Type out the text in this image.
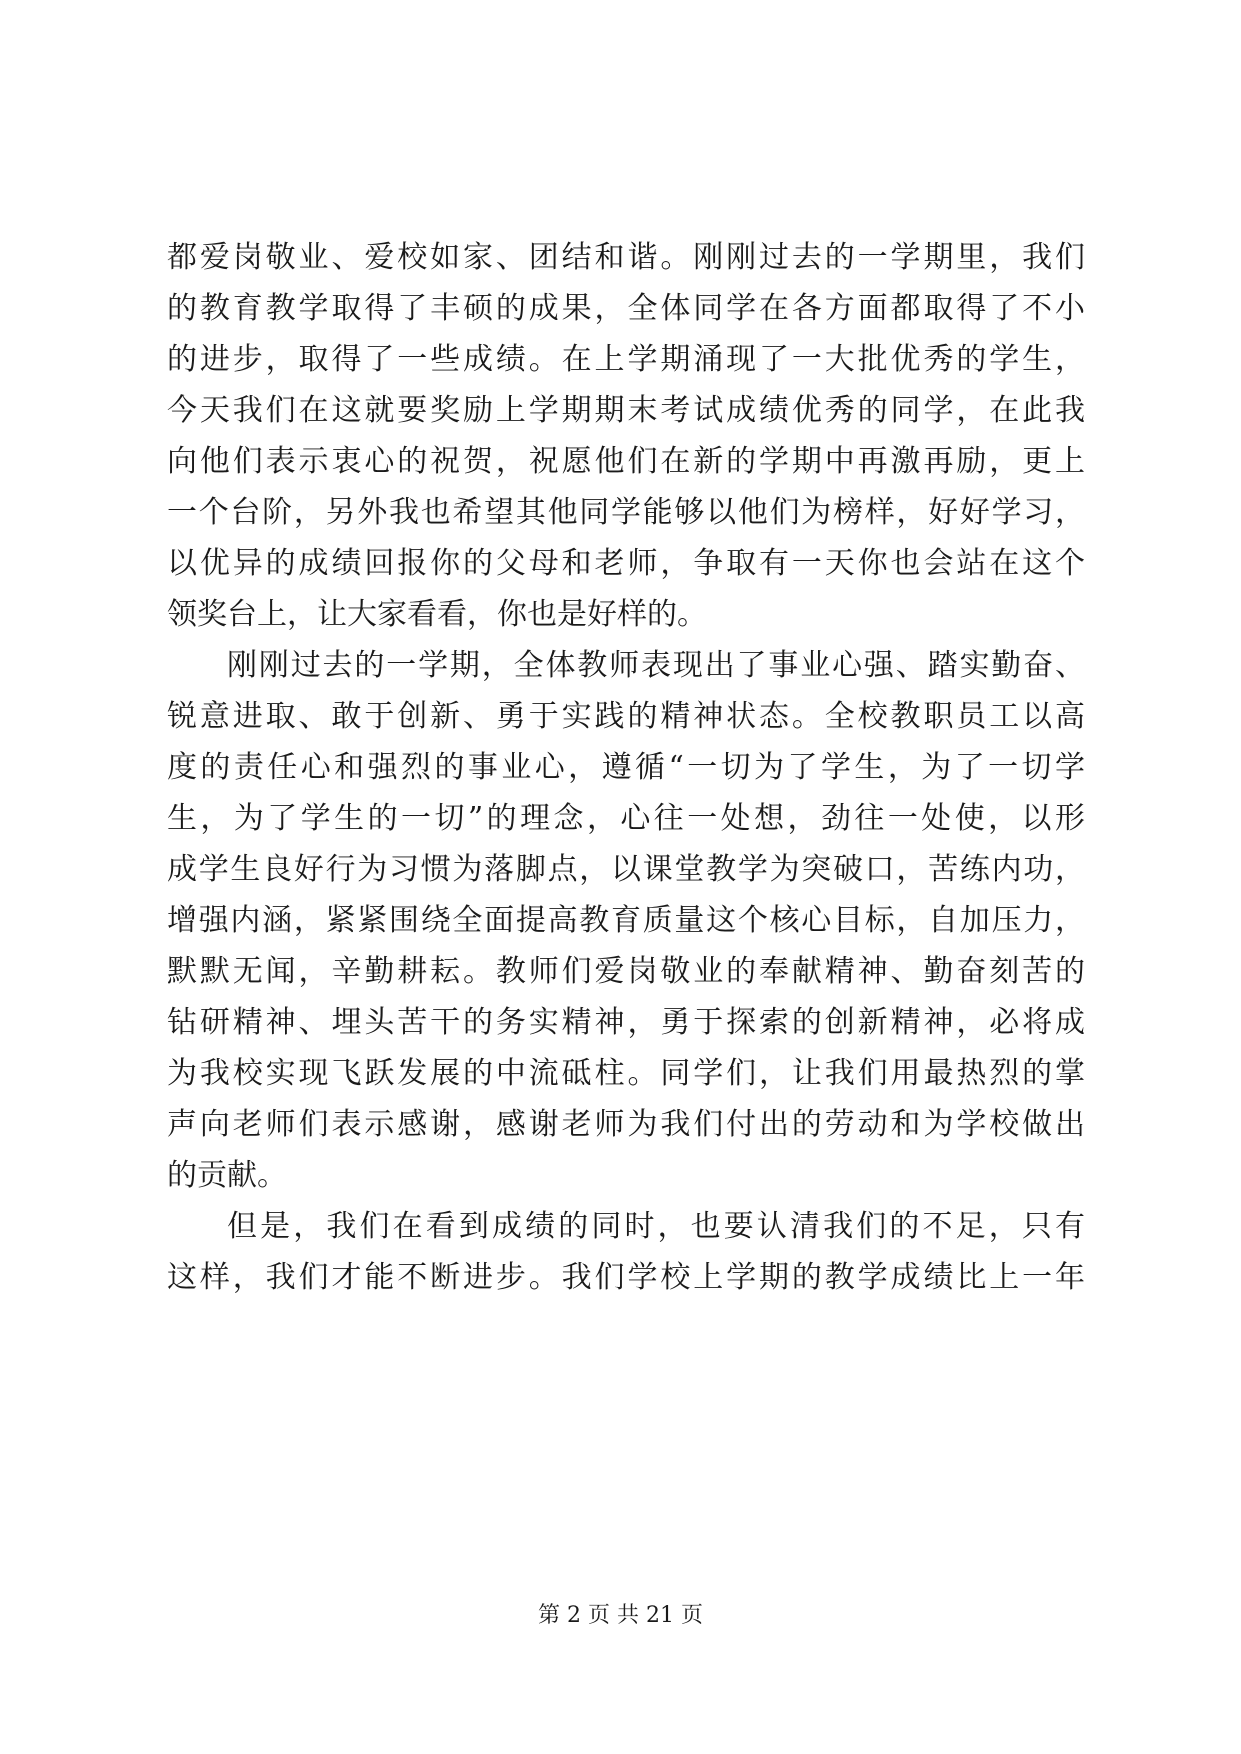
都爱岗敬业、爱校如家、团结和谐。刚刚过去的一学期里，我们
的教育教学取得了丰硕的成果，全体同学在各方面都取得了不小
的进步，取得了一些成绩。在上学期涌现了一大批优秀的学生，
今天我们在这就要奖励上学期期末考试成绩优秀的同学，在此我
向他们表示衷心的祝贺，祝愿他们在新的学期中再激再励，更上
一个台阶，另外我也希望其他同学能够以他们为榜样，好好学习，
以优异的成绩回报你的父母和老师，争取有一天你也会站在这个
领奖台上，让大家看看，你也是好样的。
刚刚过去的一学期，全体教师表现出了事业心强、踏实勤奋、
锐意进取、敢于创新、勇于实践的精神状态。全校教职员工以高
度的责任心和强烈的事业心，遵循“一切为了学生，为了一切学
生，为了学生的一切”的理念，心往一处想，劲往一处使，以形
成学生良好行为习惯为落脚点，以课堂教学为突破口，苦练内功，
增强内涵，紧紧围绕全面提高教育质量这个核心目标，自加压力，
默默无闻，辛勤耕耘。教师们爱岗敬业的奉献精神、勤奋刻苦的
钻研精神、埋头苦干的务实精神，勇于探索的创新精神，必将成
为我校实现飞跃发展的中流砥柱。同学们，让我们用最热烈的掌
声向老师们表示感谢，感谢老师为我们付出的劳动和为学校做出
的贡献。
但是，我们在看到成绩的同时，也要认清我们的不足，只有
这样，我们才能不断进步。我们学校上学期的教学成绩比上一年
第 2 页 共 21 页
